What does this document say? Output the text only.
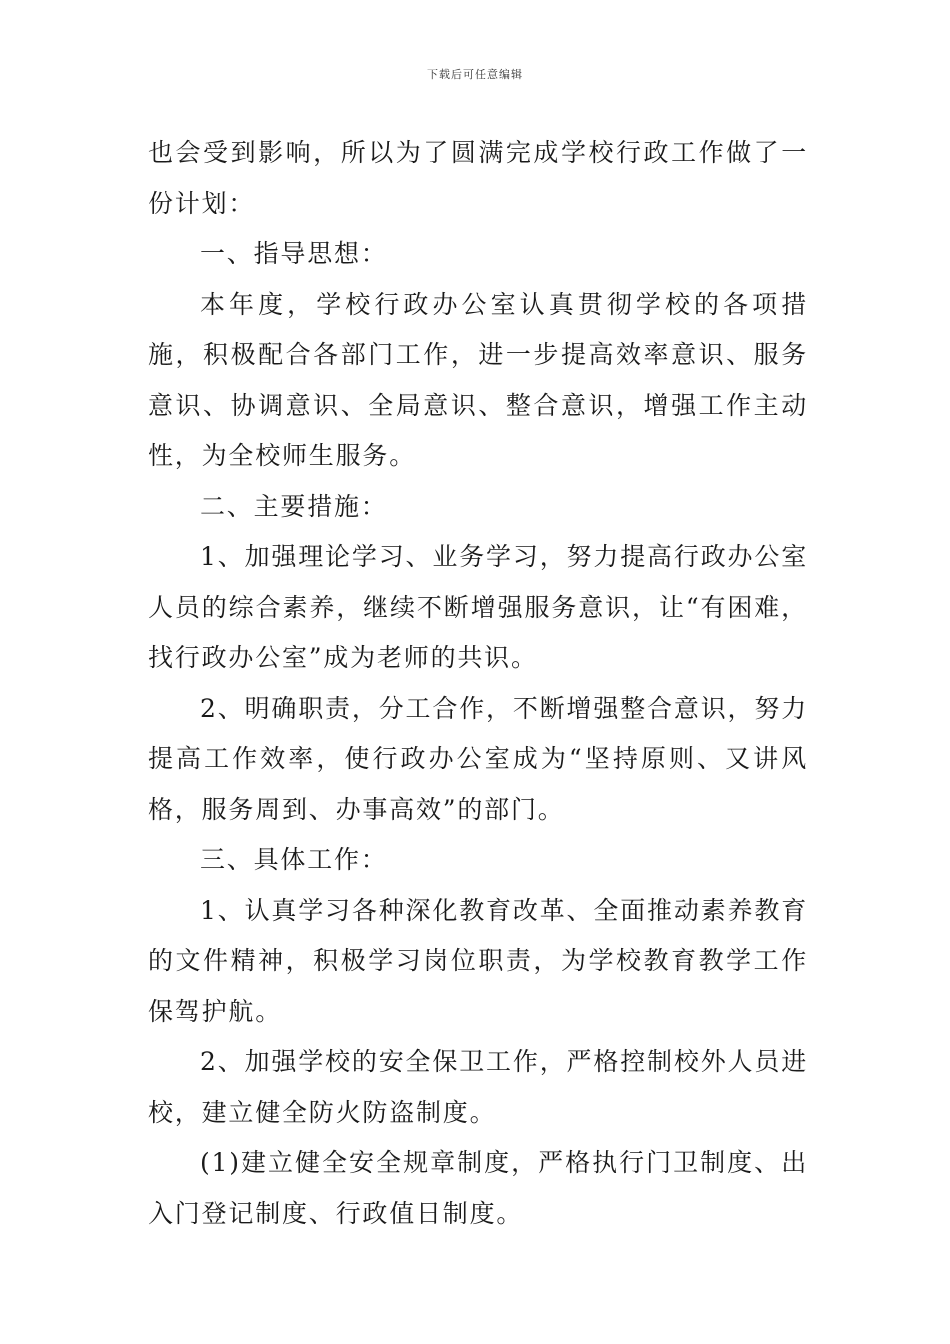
下载后可任意编辑

也会受到影响，所以为了圆满完成学校行政工作做了一份计划：

一、指导思想：

本年度，学校行政办公室认真贯彻学校的各项措施，积极配合各部门工作，进一步提高效率意识、服务意识、协调意识、全局意识、整合意识，增强工作主动性，为全校师生服务。

二、主要措施：

1、加强理论学习、业务学习，努力提高行政办公室人员的综合素养，继续不断增强服务意识，让“有困难，找行政办公室”成为老师的共识。

2、明确职责，分工合作，不断增强整合意识，努力提高工作效率，使行政办公室成为“坚持原则、又讲风格，服务周到、办事高效”的部门。

三、具体工作：

1、认真学习各种深化教育改革、全面推动素养教育的文件精神，积极学习岗位职责，为学校教育教学工作保驾护航。

2、加强学校的安全保卫工作，严格控制校外人员进校，建立健全防火防盗制度。

(1)建立健全安全规章制度，严格执行门卫制度、出入门登记制度、行政值日制度。
